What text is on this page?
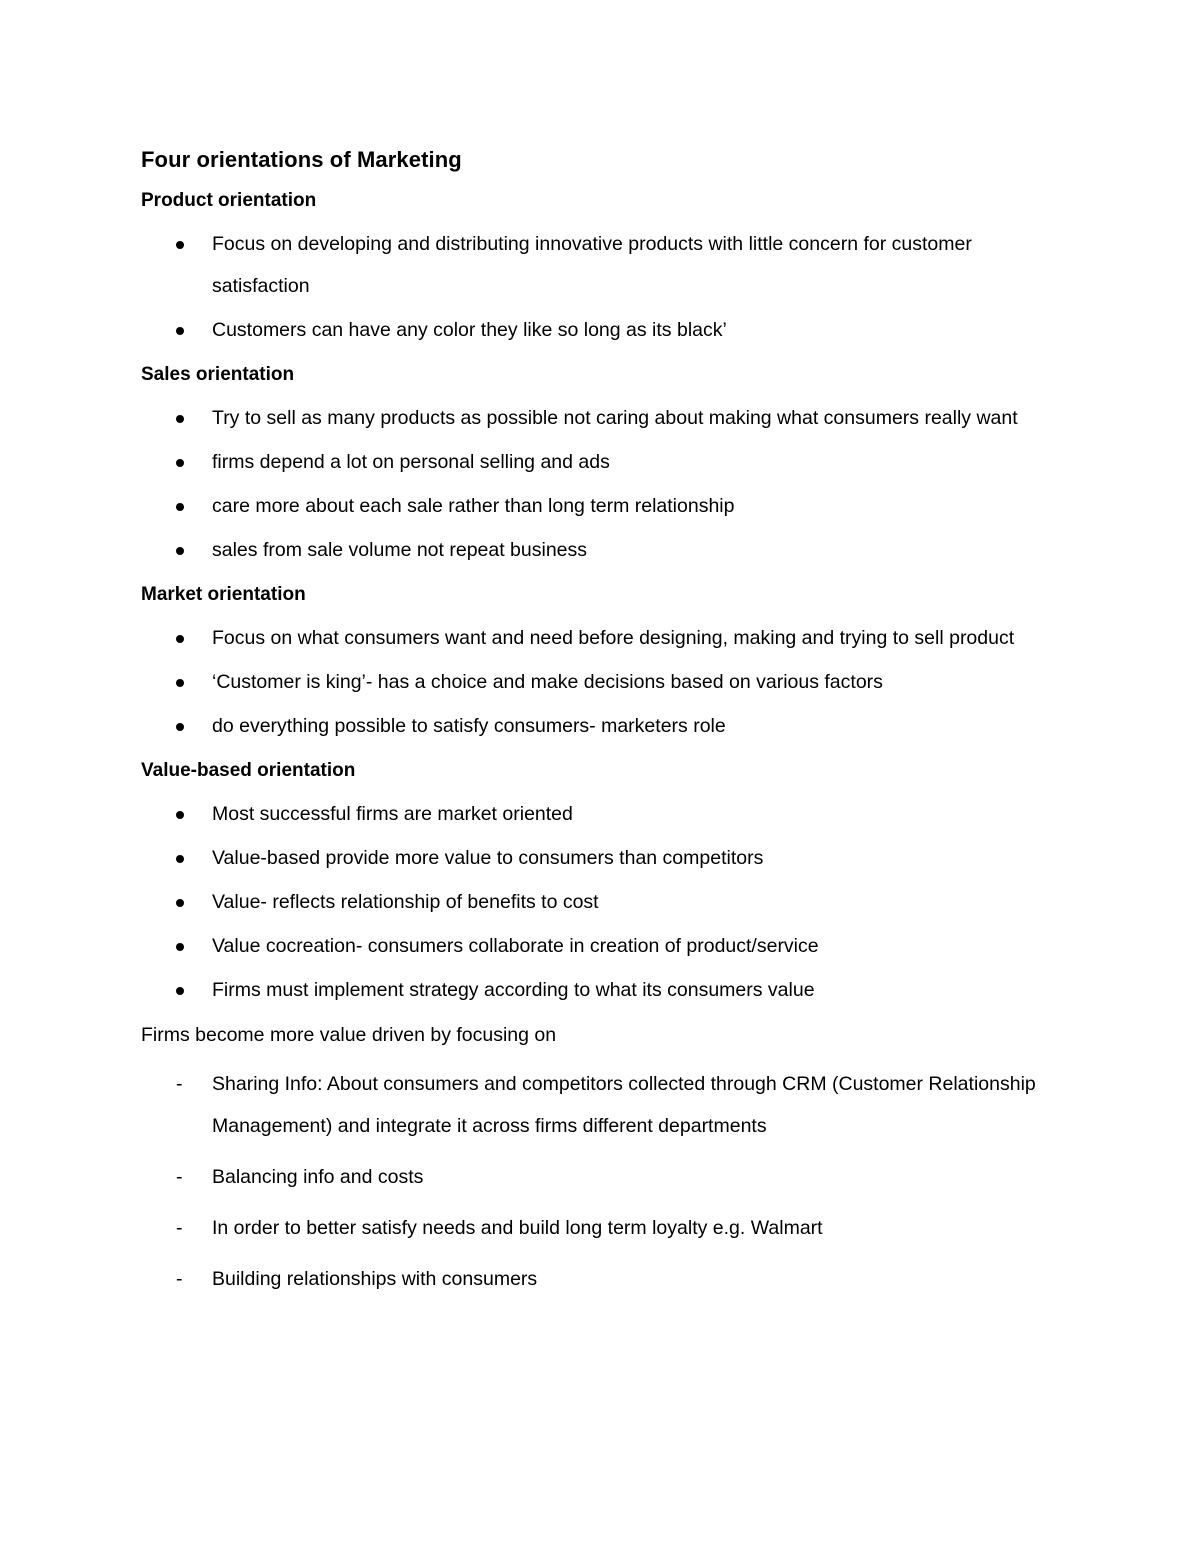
Four orientations of Marketing
Product orientation
Focus on developing and distributing innovative products with little concern for customer satisfaction
Customers can have any color they like so long as its black’
Sales orientation
Try to sell as many products as possible not caring about making what consumers really want
firms depend a lot on personal selling and ads
care more about each sale rather than long term relationship
sales from sale volume not repeat business
Market orientation
Focus on what consumers want and need before designing, making and trying to sell product
‘Customer is king’- has a choice and make decisions based on various factors
do everything possible to satisfy consumers- marketers role
Value-based orientation
Most successful firms are market oriented
Value-based provide more value to consumers than competitors
Value- reflects relationship of benefits to cost
Value cocreation- consumers collaborate in creation of product/service
Firms must implement strategy according to what its consumers value

Firms become more value driven by focusing on

- Sharing Info: About consumers and competitors collected through CRM (Customer Relationship Management) and integrate it across firms different departments
- Balancing info and costs
- In order to better satisfy needs and build long term loyalty e.g. Walmart
- Building relationships with consumers
